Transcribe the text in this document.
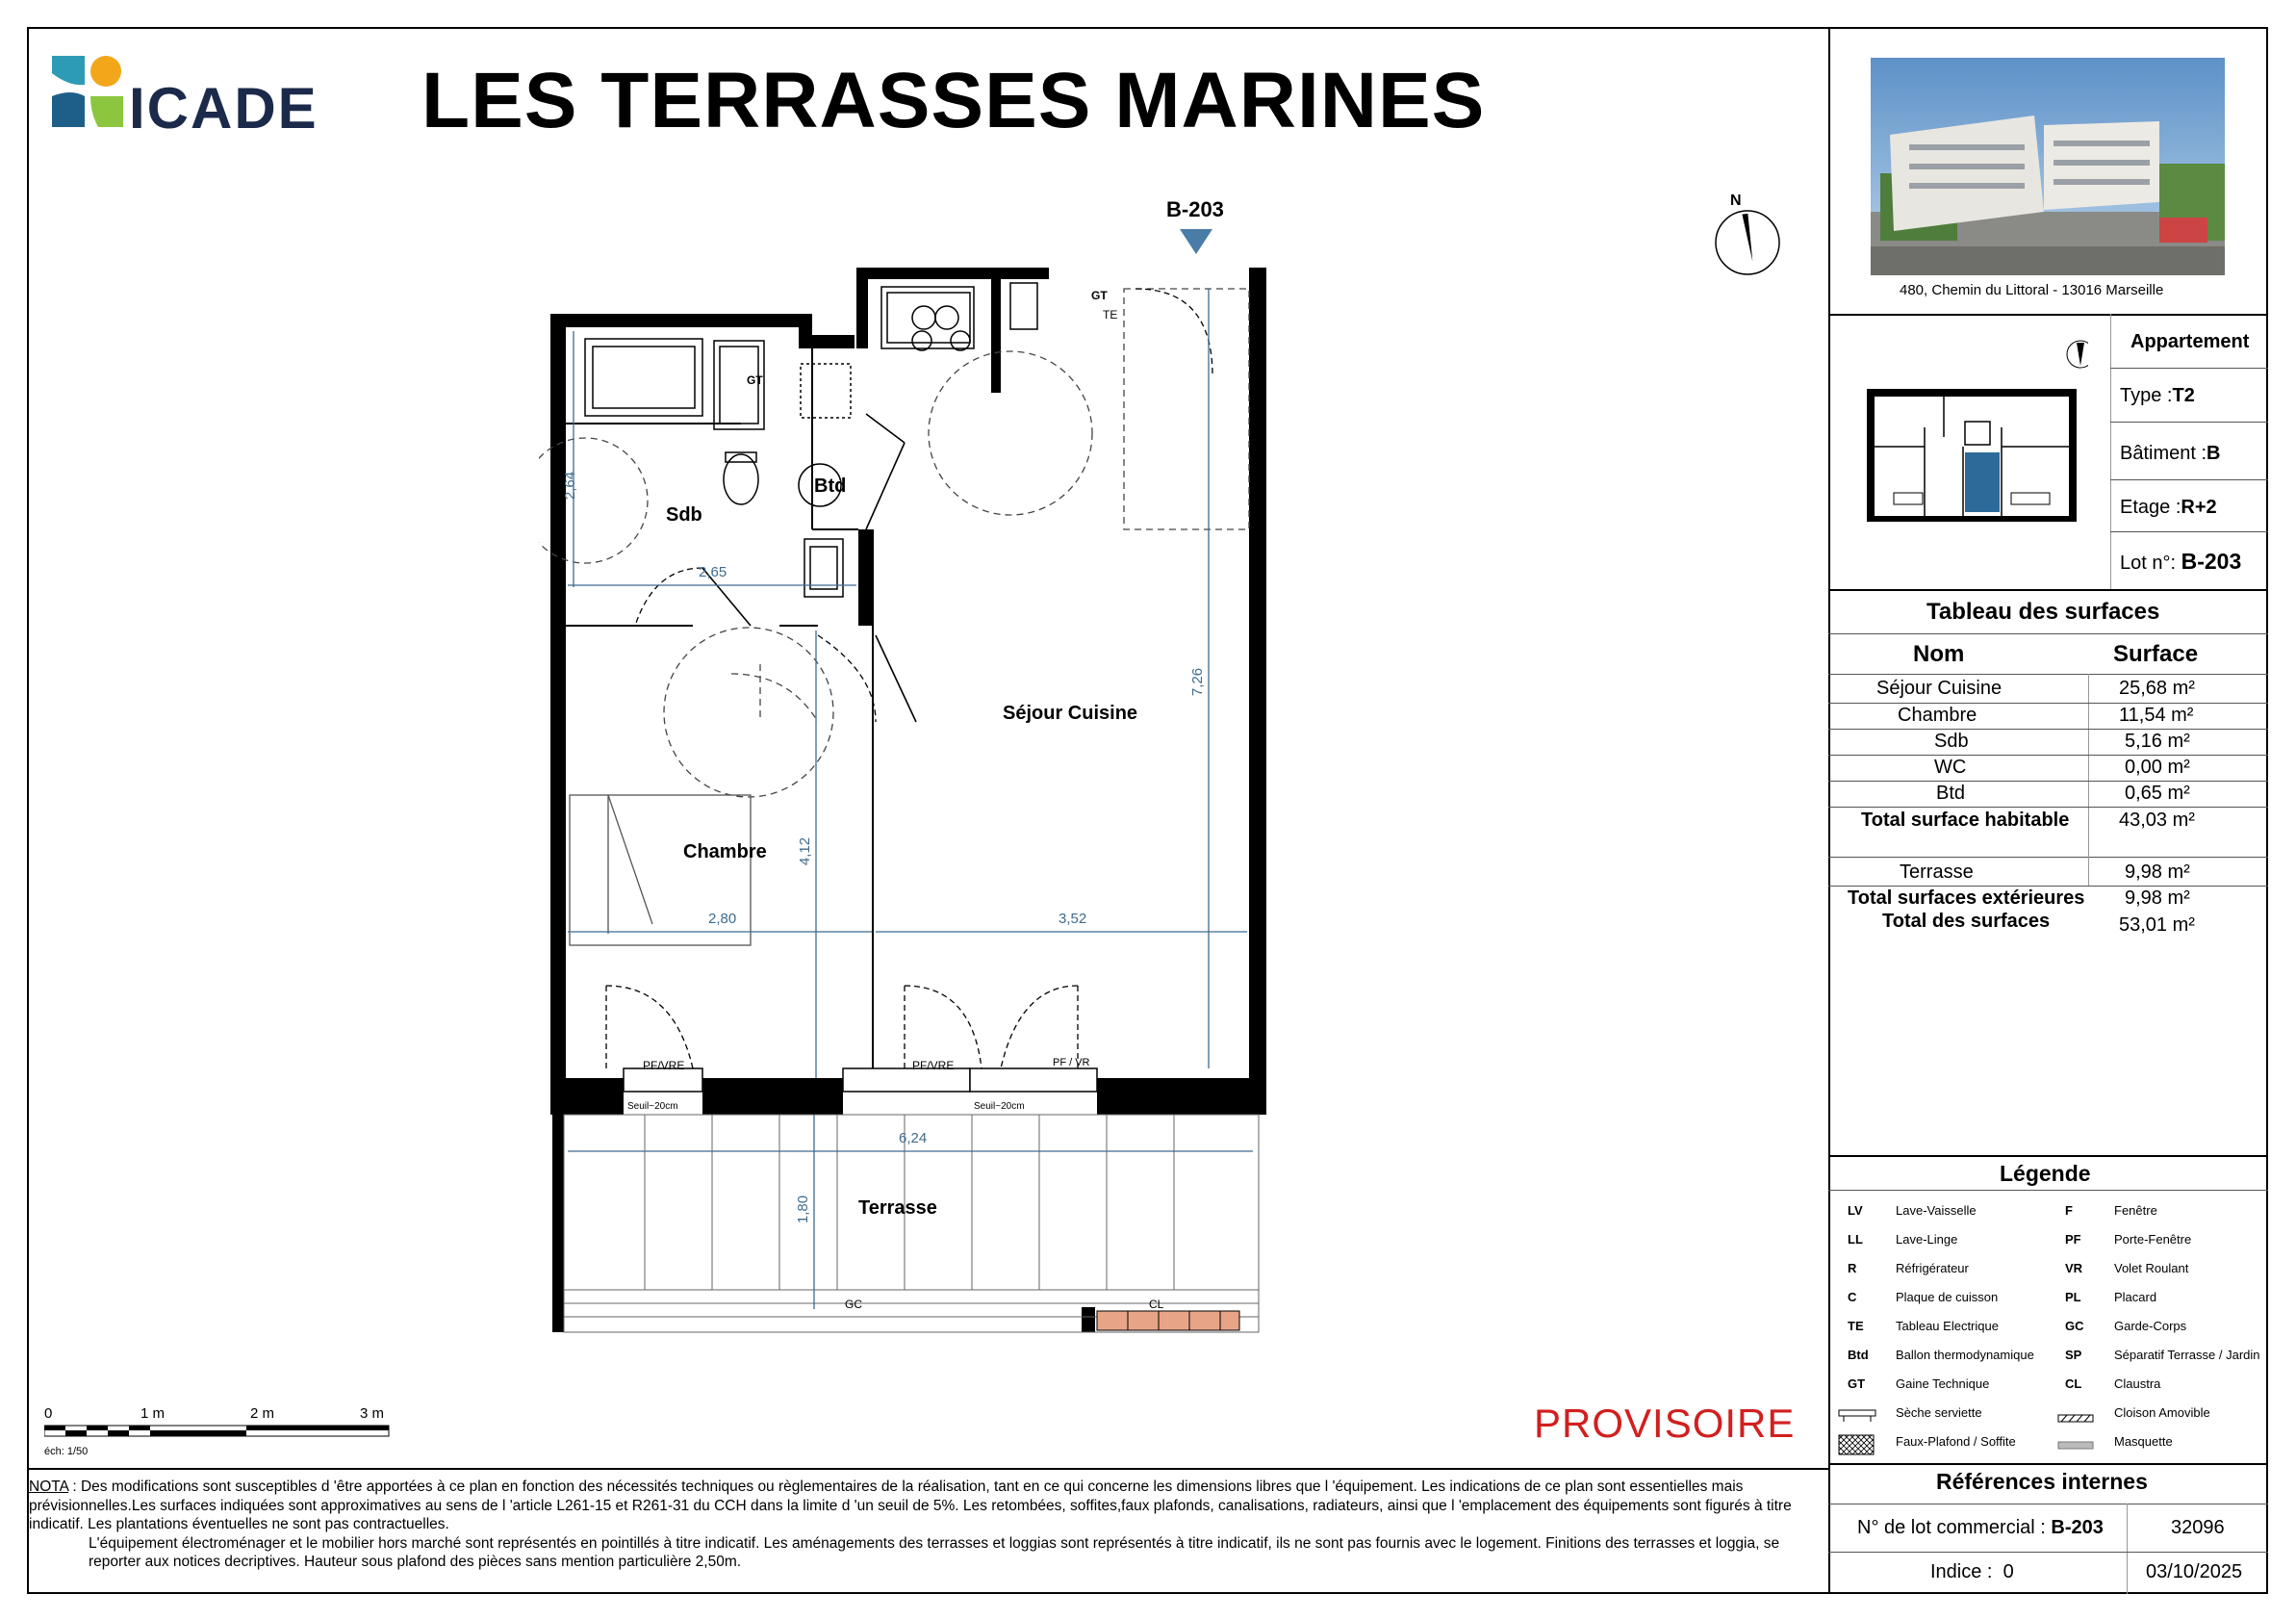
ICADE LES TERRASSES MARINES
N
B-203
Sdb
Btd
Séjour Cuisine
Chambre
Terrasse
GT
GT
TE
PF/VRE	PF/VRE	PF / VR
Seuil~20cm	Seuil~20cm
GC	CL
2,64
2,65
7,26
4,12
2,80	3,52
6,24
1,80
0	1 m	2 m	3 m
éch: 1/50
PROVISOIRE
NOTA : Des modifications sont susceptibles d 'être apportées à ce plan en fonction des nécessités techniques ou règlementaires de la réalisation, tant en ce qui concerne les dimensions libres que l 'équipement. Les indications de ce plan sont essentielles mais prévisionnelles.Les surfaces indiquées sont approximatives au sens de l 'article L261-15 et R261-31 du CCH dans la limite d 'un seuil de 5%. Les retombées, soffites,faux plafonds, canalisations, radiateurs, ainsi que l 'emplacement des équipements sont figurés à titre indicatif. Les plantations éventuelles ne sont pas contractuelles.

L'équipement électroménager et le mobilier hors marché sont représentés en pointillés à titre indicatif. Les aménagements des terrasses et loggias sont représentés à titre indicatif, ils ne sont pas fournis avec le logement. Finitions des terrasses et loggia, se reporter aux notices decriptives. Hauteur sous plafond des pièces sans mention particulière 2,50m.
480, Chemin du Littoral - 13016 Marseille
Appartement
Type :T2
Bâtiment :B
Etage :R+2
Lot n°: B-203
Tableau des surfaces
Nom	Surface
Séjour Cuisine	25,68 m²
Chambre	11,54 m²
Sdb	5,16 m²
WC	0,00 m²
Btd	0,65 m²
Total surface habitable	43,03 m²
Terrasse	9,98 m²
Total surfaces extérieures 9,98 m²
Total des surfaces	53,01 m²
Légende
LV	Lave-Vaisselle
LL	Lave-Linge
R	Réfrigérateur
C	Plaque de cuisson
TE	Tableau Electrique
Btd Ballon thermodynamique
GT Gaine Technique
Sèche serviette
Faux-Plafond / Soffite
F	Fenêtre
PF	Porte-Fenêtre
VR	Volet Roulant
PL	Placard
GC Garde-Corps
SP	Séparatif Terrasse / Jardin
CL	Claustra
Cloison Amovible
Masquette
Références internes
N° de lot commercial : B-203	32096
Indice : 0	03/10/2025
